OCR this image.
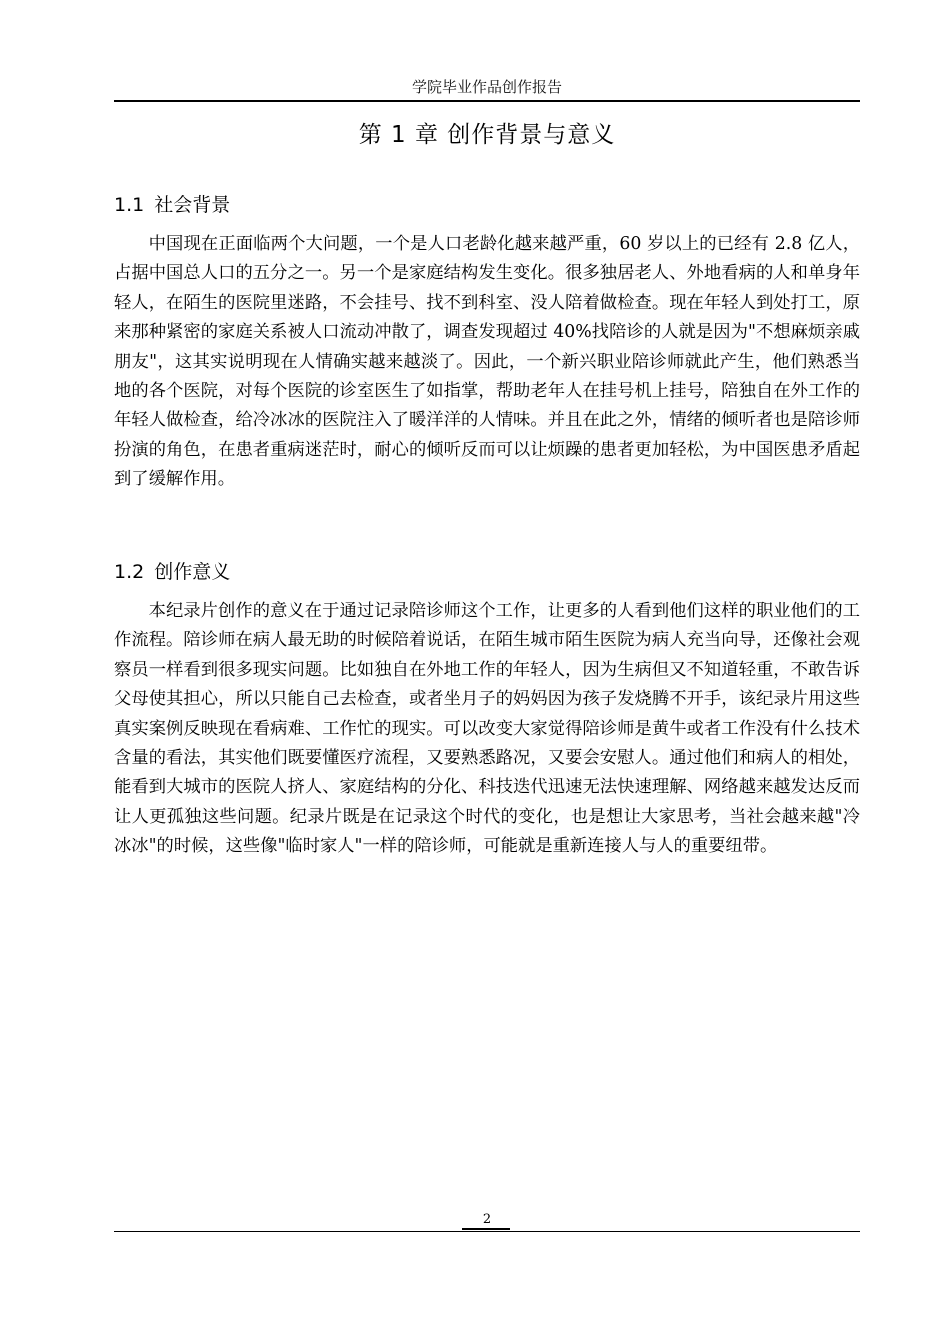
学院毕业作品创作报告
第 1 章 创作背景与意义
1.1 社会背景

中国现在正面临两个大问题，一个是人口老龄化越来越严重，60 岁以上的已经有 2.8 亿人，占据中国总人口的五分之一。另一个是家庭结构发生变化。很多独居老人、外地看病的人和单身年轻人，在陌生的医院里迷路，不会挂号、找不到科室、没人陪着做检查。现在年轻人到处打工，原来那种紧密的家庭关系被人口流动冲散了，调查发现超过 40%找陪诊的人就是因为"不想麻烦亲戚朋友"，这其实说明现在人情确实越来越淡了。因此，一个新兴职业陪诊师就此产生，他们熟悉当地的各个医院，对每个医院的诊室医生了如指掌，帮助老年人在挂号机上挂号，陪独自在外工作的年轻人做检查，给冷冰冰的医院注入了暖洋洋的人情味。并且在此之外，情绪的倾听者也是陪诊师扮演的角色，在患者重病迷茫时，耐心的倾听反而可以让烦躁的患者更加轻松，为中国医患矛盾起到了缓解作用。

1.2 创作意义

本纪录片创作的意义在于通过记录陪诊师这个工作，让更多的人看到他们这样的职业他们的工作流程。陪诊师在病人最无助的时候陪着说话，在陌生城市陌生医院为病人充当向导，还像社会观察员一样看到很多现实问题。比如独自在外地工作的年轻人，因为生病但又不知道轻重，不敢告诉父母使其担心，所以只能自己去检查，或者坐月子的妈妈因为孩子发烧腾不开手，该纪录片用这些真实案例反映现在看病难、工作忙的现实。可以改变大家觉得陪诊师是黄牛或者工作没有什么技术含量的看法，其实他们既要懂医疗流程，又要熟悉路况，又要会安慰人。通过他们和病人的相处，能看到大城市的医院人挤人、家庭结构的分化、科技迭代迅速无法快速理解、网络越来越发达反而让人更孤独这些问题。纪录片既是在记录这个时代的变化，也是想让大家思考，当社会越来越"冷冰冰"的时候，这些像"临时家人"一样的陪诊师，可能就是重新连接人与人的重要纽带。

2
